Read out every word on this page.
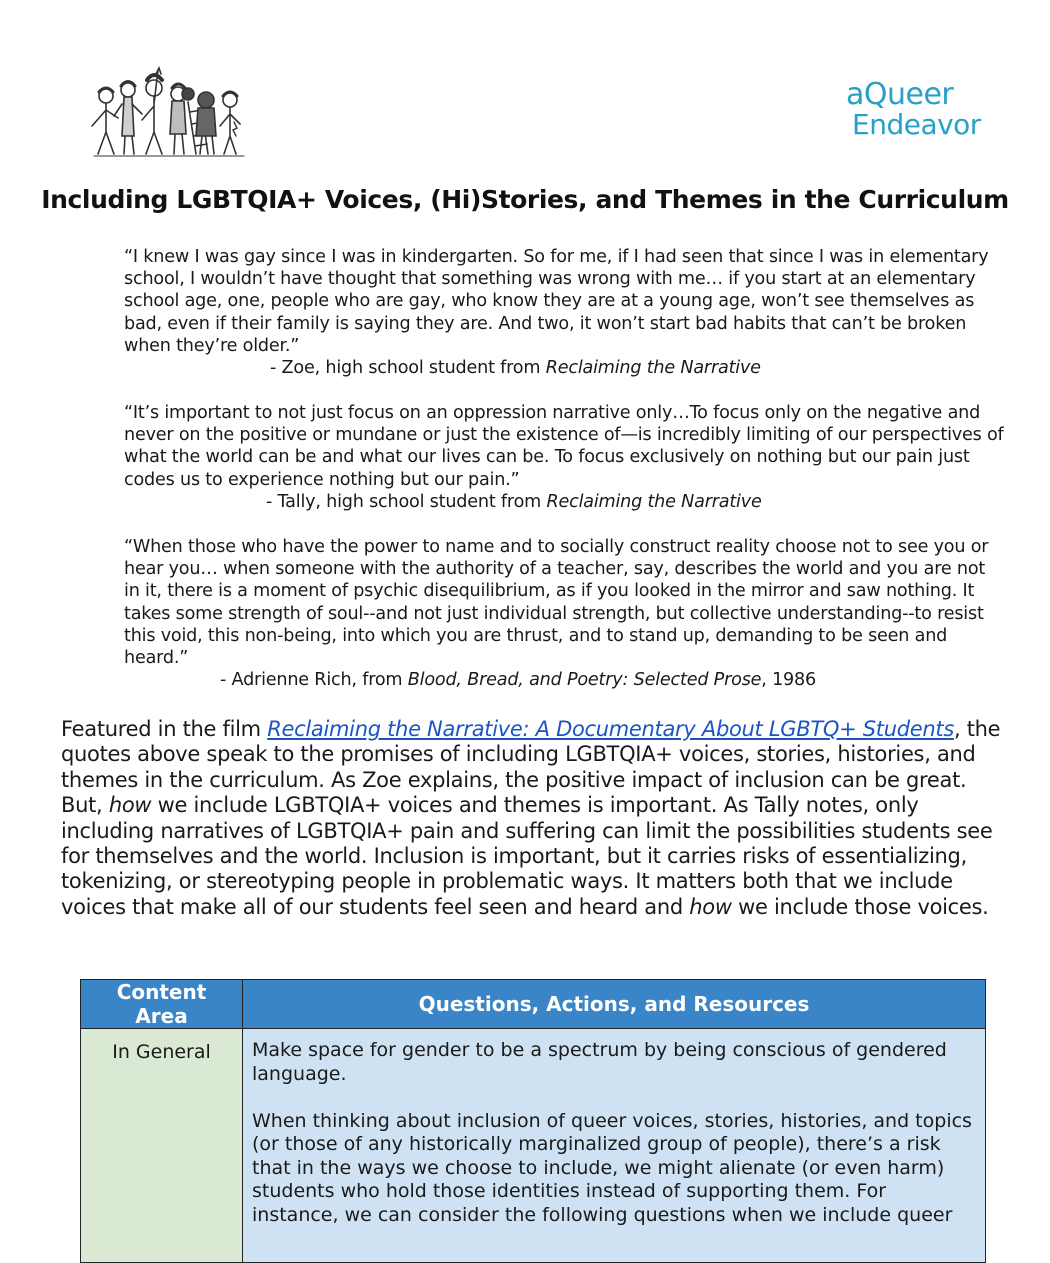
aQueer
Endeavor
Including LGBTQIA+ Voices, (Hi)Stories, and Themes in the Curriculum

“I knew I was gay since I was in kindergarten. So for me, if I had seen that since I was in elementary school, I wouldn’t have thought that something was wrong with me… if you start at an elementary school age, one, people who are gay, who know they are at a young age, won’t see themselves as bad, even if their family is saying they are. And two, it won’t start bad habits that can’t be broken when they’re older.”

- Zoe, high school student from Reclaiming the Narrative

“It’s important to not just focus on an oppression narrative only…To focus only on the negative and never on the positive or mundane or just the existence of—is incredibly limiting of our perspectives of what the world can be and what our lives can be. To focus exclusively on nothing but our pain just codes us to experience nothing but our pain.”

- Tally, high school student from Reclaiming the Narrative

“When those who have the power to name and to socially construct reality choose not to see you or hear you… when someone with the authority of a teacher, say, describes the world and you are not in it, there is a moment of psychic disequilibrium, as if you looked in the mirror and saw nothing. It takes some strength of soul--and not just individual strength, but collective understanding--to resist this void, this non-being, into which you are thrust, and to stand up, demanding to be seen and heard.”

- Adrienne Rich, from Blood, Bread, and Poetry: Selected Prose, 1986

Featured in the film Reclaiming the Narrative: A Documentary About LGBTQ+ Students, the quotes above speak to the promises of including LGBTQIA+ voices, stories, histories, and themes in the curriculum. As Zoe explains, the positive impact of inclusion can be great. But, how we include LGBTQIA+ voices and themes is important. As Tally notes, only including narratives of LGBTQIA+ pain and suffering can limit the possibilities students see for themselves and the world. Inclusion is important, but it carries risks of essentializing, tokenizing, or stereotyping people in problematic ways. It matters both that we include voices that make all of our students feel seen and heard and how we include those voices.

Content Area	Questions, Actions, and Resources
In General	Make space for gender to be a spectrum by being conscious of gendered language.

When thinking about inclusion of queer voices, stories, histories, and topics (or those of any historically marginalized group of people), there’s a risk that in the ways we choose to include, we might alienate (or even harm) students who hold those identities instead of supporting them. For instance, we can consider the following questions when we include queer
